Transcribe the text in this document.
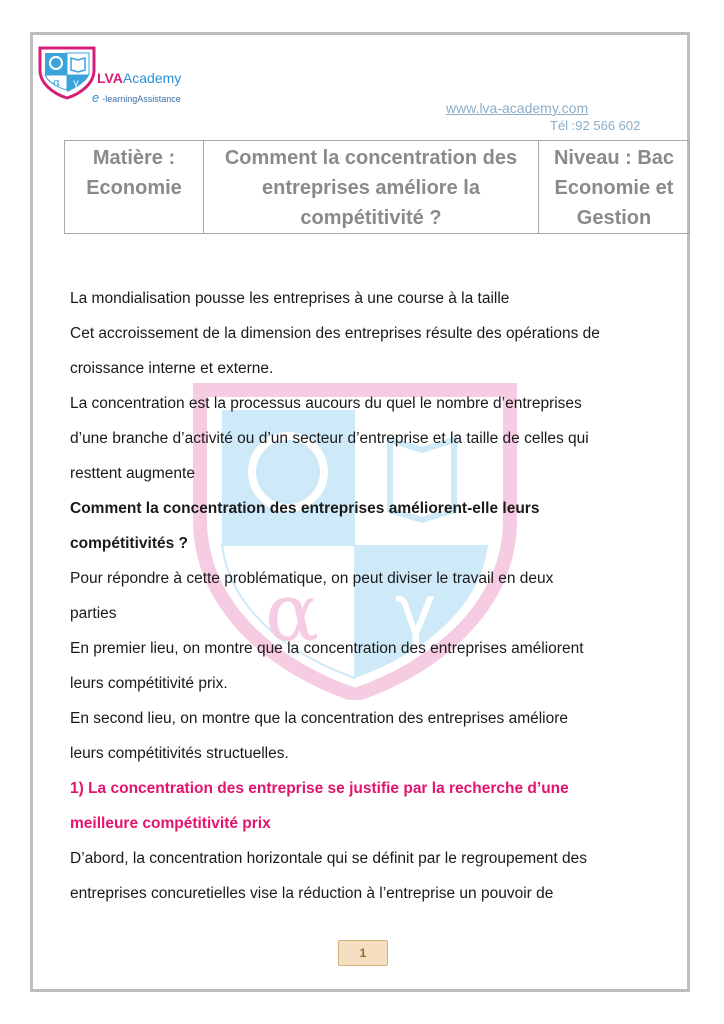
α γ LVAAcademy
e -learningAssistance
www.lva-academy.com
Tél :92 566 602
Matière : Economie	Comment la concentration des entreprises améliore la compétitivité ?	Niveau : Bac Economie et Gestion
α γ

La mondialisation pousse les entreprises à une course à la taille

Cet accroissement de la dimension des entreprises résulte des opérations de

croissance interne et externe.

La concentration est la processus aucours du quel le nombre d’entreprises

d’une branche d’activité ou d’un secteur d’entreprise et la taille de celles qui

resttent augmente

Comment la concentration des entreprises améliorent-elle leurs

compétitivités ?

Pour répondre à cette problématique, on peut diviser le travail en deux

parties

En premier lieu, on montre que la concentration des entreprises améliorent

leurs compétitivité prix.

En second lieu, on montre que la concentration des entreprises améliore

leurs compétitivités structuelles.

1) La concentration des entreprise se justifie par la recherche d’une

meilleure compétitivité prix

D’abord, la concentration horizontale qui se définit par le regroupement des

entreprises concuretielles vise la réduction à l’entreprise un pouvoir de

1
